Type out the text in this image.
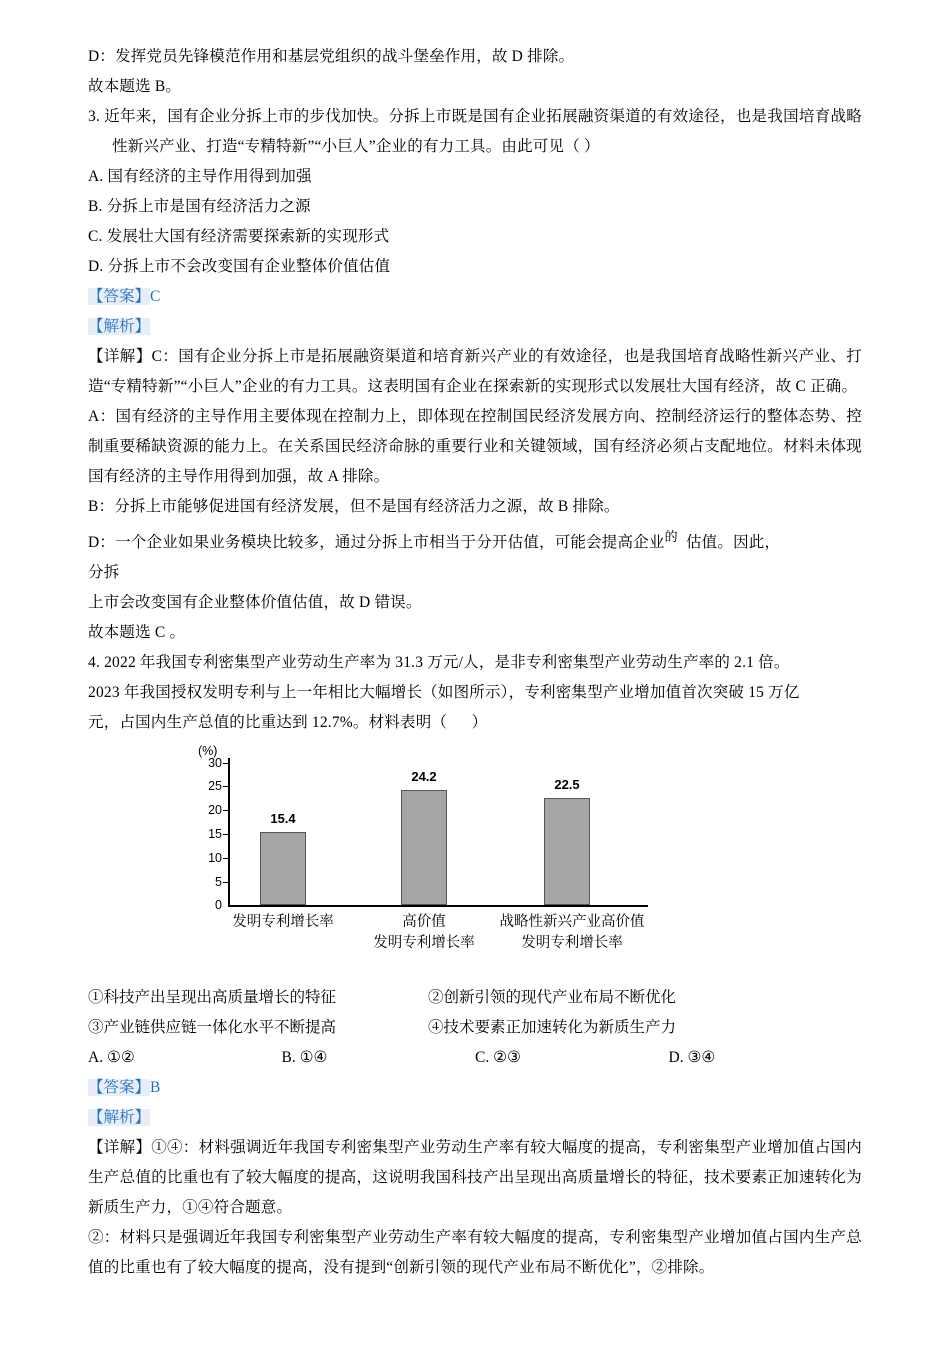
D：发挥党员先锋模范作用和基层党组织的战斗堡垒作用，故 D 排除。
故本题选 B。
3. 近年来，国有企业分拆上市的步伐加快。分拆上市既是国有企业拓展融资渠道的有效途径，也是我国培育战略性新兴产业、打造“专精特新”“小巨人”企业的有力工具。由此可见（ ）
A. 国有经济的主导作用得到加强
B. 分拆上市是国有经济活力之源
C. 发展壮大国有经济需要探索新的实现形式
D. 分拆上市不会改变国有企业整体价值估值
【答案】C
【解析】
【详解】C：国有企业分拆上市是拓展融资渠道和培育新兴产业的有效途径，也是我国培育战略性新兴产业、打造“专精特新”“小巨人”企业的有力工具。这表明国有企业在探索新的实现形式以发展壮大国有经济，故 C 正确。
A：国有经济的主导作用主要体现在控制力上，即体现在控制国民经济发展方向、控制经济运行的整体态势、控制重要稀缺资源的能力上。在关系国民经济命脉的重要行业和关键领域，国有经济必须占支配地位。材料未体现国有经济的主导作用得到加强，故 A 排除。
B：分拆上市能够促进国有经济发展，但不是国有经济活力之源，故 B 排除。
D：一个企业如果业务模块比较多，通过分拆上市相当于分开估值，可能会提高企业$^的$ 估值。因此，
分拆
上市会改变国有企业整体价值估值，故 D 错误。
故本题选 C 。
4. 2022 年我国专利密集型产业劳动生产率为 31.3 万元/人，是非专利密集型产业劳动生产率的 2.1 倍。
2023 年我国授权发明专利与上一年相比大幅增长（如图所示），专利密集型产业增加值首次突破 15 万亿
元，占国内生产总值的比重达到 12.7%。材料表明（      ）
(%)
30
25
20
15
10
5
0
15.4
24.2
22.5
发明专利增长率	高价值
发明专利增长率
战略性新兴产业高价值
发明专利增长率
①科技产出呈现出高质量增长的特征	②创新引领的现代产业布局不断优化
③产业链供应链一体化水平不断提高	④技术要素正加速转化为新质生产力
A. ①②	B. ①④	C. ②③	D. ③④
【答案】B
【解析】
【详解】①④：材料强调近年我国专利密集型产业劳动生产率有较大幅度的提高，专利密集型产业增加值占国内生产总值的比重也有了较大幅度的提高，这说明我国科技产出呈现出高质量增长的特征，技术要素正加速转化为新质生产力，①④符合题意。
②：材料只是强调近年我国专利密集型产业劳动生产率有较大幅度的提高，专利密集型产业增加值占国内生产总值的比重也有了较大幅度的提高，没有提到“创新引领的现代产业布局不断优化”，②排除。
